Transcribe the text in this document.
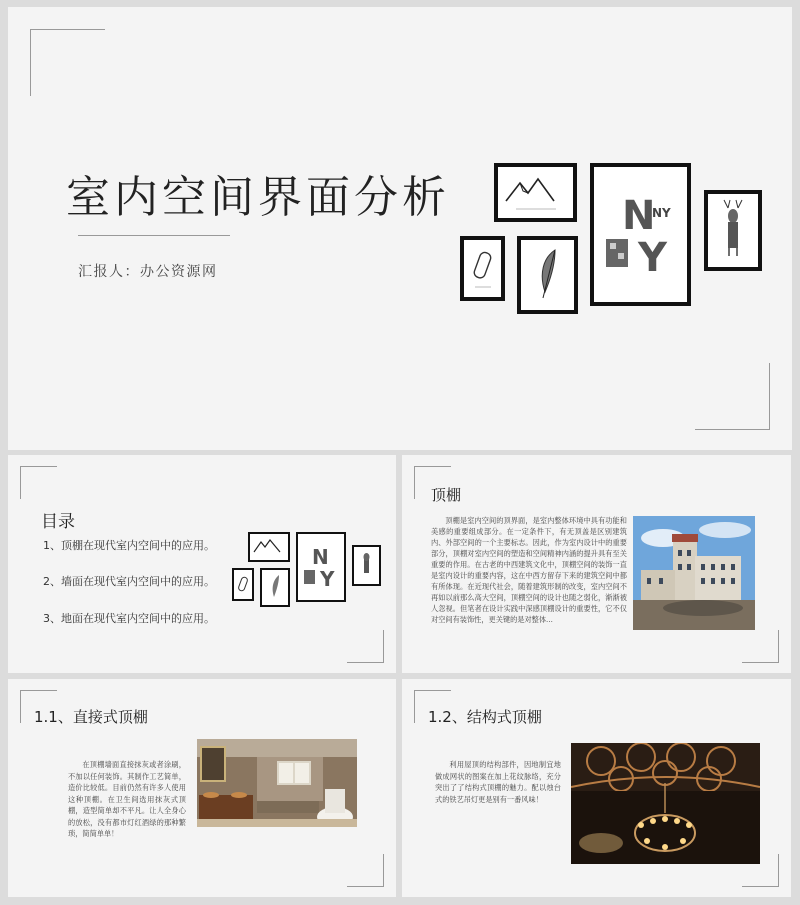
室内空间界面分析
汇报人：办公资源网
N
NY
Y
目录
1、顶棚在现代室内空间中的应用。
2、墙面在现代室内空间中的应用。
3、地面在现代室内空间中的应用。
N
Y
顶棚
顶棚是室内空间的顶界面，是室内整体环境中具有功能和美感的重要组成部分。在一定条件下，有无顶盖是区别建筑内、外部空间的一个主要标志。因此，作为室内设计中的重要部分，顶棚对室内空间的塑造和空间精神内涵的提升具有至关重要的作用。在古老的中西建筑文化中，顶棚空间的装饰一直是室内设计的重要内容，这在中西方留存下来的建筑空间中都有所体现。在近现代社会，随着建筑形制的改变，室内空间不再如以前那么高大空间，顶棚空间的设计也随之弱化，渐渐被人忽视。但笔者在设计实践中深感顶棚设计的重要性，它不仅对空间有装饰性，更关键的是对整体...
1.1、直接式顶棚
在顶棚墙面直接抹灰或者涂刷，不加以任何装饰。其制作工艺简单，造价比较低。目前仍然有许多人使用这种顶棚。在卫生间选用抹灰式顶棚，造型简单却不平凡。让人全身心的放松，没有都市灯红酒绿的那种繁琐，简简单单！
1.2、结构式顶棚
利用屋顶的结构部件，因地制宜地做成网状的图案在加上花纹脉络，充分突出了了结构式顶棚的魅力。配以烛台式的铁艺吊灯更是别有一番风味！
